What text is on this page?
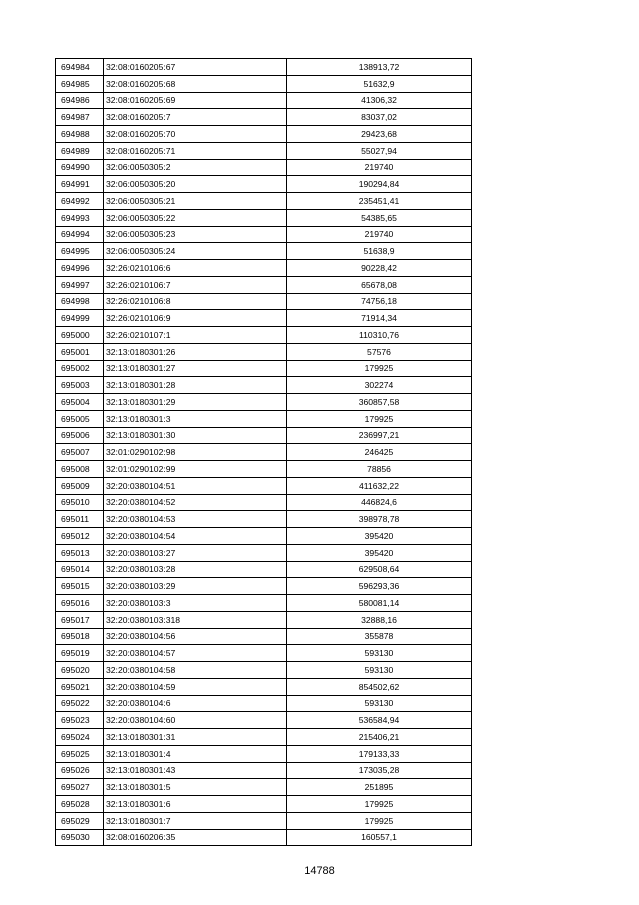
694984	32:08:0160205:67	138913,72
694985	32:08:0160205:68	51632,9
694986	32:08:0160205:69	41306,32
694987	32:08:0160205:7	83037,02
694988	32:08:0160205:70	29423,68
694989	32:08:0160205:71	55027,94
694990	32:06:0050305:2	219740
694991	32:06:0050305:20	190294,84
694992	32:06:0050305:21	235451,41
694993	32:06:0050305:22	54385,65
694994	32:06:0050305:23	219740
694995	32:06:0050305:24	51638,9
694996	32:26:0210106:6	90228,42
694997	32:26:0210106:7	65678,08
694998	32:26:0210106:8	74756,18
694999	32:26:0210106:9	71914,34
695000	32:26:0210107:1	110310,76
695001	32:13:0180301:26	57576
695002	32:13:0180301:27	179925
695003	32:13:0180301:28	302274
695004	32:13:0180301:29	360857,58
695005	32:13:0180301:3	179925
695006	32:13:0180301:30	236997,21
695007	32:01:0290102:98	246425
695008	32:01:0290102:99	78856
695009	32:20:0380104:51	411632,22
695010	32:20:0380104:52	446824,6
695011	32:20:0380104:53	398978,78
695012	32:20:0380104:54	395420
695013	32:20:0380103:27	395420
695014	32:20:0380103:28	629508,64
695015	32:20:0380103:29	596293,36
695016	32:20:0380103:3	580081,14
695017	32:20:0380103:318	32888,16
695018	32:20:0380104:56	355878
695019	32:20:0380104:57	593130
695020	32:20:0380104:58	593130
695021	32:20:0380104:59	854502,62
695022	32:20:0380104:6	593130
695023	32:20:0380104:60	536584,94
695024	32:13:0180301:31	215406,21
695025	32:13:0180301:4	179133,33
695026	32:13:0180301:43	173035,28
695027	32:13:0180301:5	251895
695028	32:13:0180301:6	179925
695029	32:13:0180301:7	179925
695030	32:08:0160206:35	160557,1
14788
